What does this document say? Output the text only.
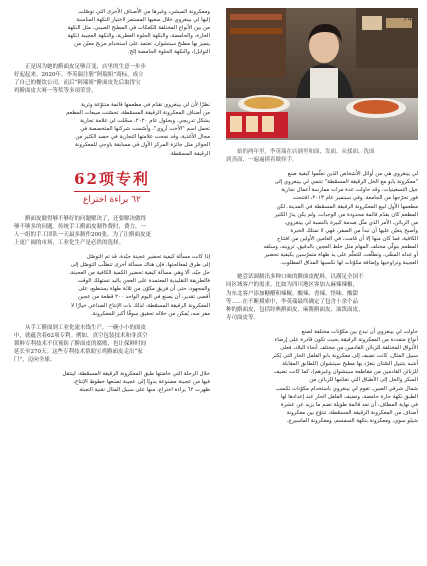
ومعكرونة الميشي، وغيرها من الأصناف الأخرى التي توصّلت
إليها لي بينغروي خلال سعيها المستمر لاختيار النكهة المناسبة
من بين الأنواع المختلفة للكعكات في المطبخ الصيني، مثل النكهة
الحارة، والحامضة، والنكهة الحلوة العطرية، والنكهة العجيبة (نكهة
يتميز بها مطبخ سيتشوان، تعتمد على استخدام مزيج معيّن من
التوابل)، والنكهة الحلوة الحامضة إلخ.

正是因为她的擀面皮足够百变，店里的生意一步步
好起起来。2020年，李英瑞注册“阿瑞姐”商标，成立
了自己的餐饮公司，而后“阿瑞姐”擀面皮先后取得宝
鸡擀面皮大赛一等奖等多项荣誉。

نظرًا لأن لي بينغروي تقدّم في مطعمها قائمة متنوّعة وثرية
من أصناف المعكرونة الرقيقة المسمّطة، تحسّنت مبيعات المطعم
بشكل تدريجي. وبحلول عام ٢٠٢٠، سجّلت لي علامة تجارية
تحمل اسم "الأخت آروي"، وأسّست شركتها المتخصصة في
مجال الأغذية، وقد نجحت علامتها التجارية في حصد الكثير من
الجوائز مثل جائزة المركز الأول في مسابقة باوجي للمعكرونة
الرقيقة المسمّطة.

62项专利
٦٢ براءة اختراع

擀面皮做得够不够好的问题解决了，还要解决做得
够不够多的问题。传统手工擀面皮制作费时，费力，一
人一组的手工团队一天最多制作200张。为了让擀面皮更
上更广阔的市场，工业化生产是必然的选择。

إذا كانت مسألة كيفية تحضير عجينة جيّدة، قد تم التوصّل
إلى طرق لمعالجتها، فإن هناك مسألة أخرى تتطلّب التوصّل إلى
حل جيّد، ألا وهي مسألة كيفية تحضير الكمية الكافية من العجينة،
فالطريقة التقليدية المعتمدة على العجن باليد تستهلك الوقت
والمجهود، حتى أن فريق مكوّن من ثلاثة طهاة يستطيع، على
أقصى تقدير، أن يصنع في اليوم الواحد ٢٠٠ قطعة من عجين
المعكرونة الرقيقة المسمّطة، لذلك بات الإنتاج الصناعي خيارًا لا
مفر منه، يُمكن من خلاله تحقيق سوقًا أكبر للمعكرونة.

从手工擀面到工业化流水线生产，一碗小小的面皮
中，就蕴含着62项专利。例如，真空包装技术和非真空
锁鲜专利技术不仅预防了擀面皮的腐败，也让保鲜时间
延长至270天。这些专利技术帮助宝鸡擀面皮走出“家
门”，迈向全球。

خلال الرحلة التي خاضتها طبق المعكرونة الرقيقة المسمّطة، لينتقل
فيها من عجينة مصنوعة بدويًا إلى عجينة تصنعها خطوط الإنتاج،
ظهرت ٦٢ براءة اختراع، منها على سبيل المثال تقنية التعبئة

74

始的两年里，李英瑞在店铺里和面、发面、从揉面、洗面
到蒸面，一遍遍摸着做择手。

لي بينغروي هي من أوائل الأشخاص الذين تعلّموا كيفية صنع
"معكرونة بابو مع الخل الرقيقة المسمّطة" تنتمي لي بينغروي إلى
جيل التسعينيات، وقد حاولت عدة مرات ممارسة أعمال تجارية
فور تخرّجها من الجامعة. وفي سبتمبر عام ٢٠١٣، افتتحت
مطعمها الأول لبيع المعكرونة الرقيقة المسمّطة في المدينة. لكن
المطعم كان يقدّم قائمة محدودة من الوجبات، ولم يكن يدرّ الكثير
من الزبائن، الأمر الذي مثّل صدمة كبيرة بالنسبة لي بينغروي،
وأصبح يتعيّن عليها أن تبدأ من الصفر، فهي لا تمتلك الخبرة
الكافية، فما كان منها إلا أن قامت، في العامين الأولين من افتتاح
المطعم بتولّي مختلف المهام مثل خلط العجين بالدقيق، ترويته، وسلقه
أو عدله المنقّى، وتطلّعت للتعلّم على يد طهاة متمرّسين بكيفية تحضير
العجينة وتراوحيها وإضافة مكوّنات لها تكسبها المذاق المطلوب.

她尝试调制出多种口味的擀面皮配料，以满足全国不
同区域客户的需求。比如为四川地区客加入麻辣辣椒，
为东北客户添加糖醋和辣椒，酸辣、香辣、怪味、酸甜
等……在不断摸索中，李英瑞最终确定了包含十余个品
种的擀面皮，包括经典擀面皮、麻酱擀面皮、油泼面皮、
寿司面皮等。

حاولت لي بينغروي أن تبدع بين مكوّنات مختلفة لصنع
أنواع متعددة من المعكرونة الرقيقة بحيث تكون قادرة على إرضاء
الأذواق المختلفة للزبائن القادمين من مختلف أنحاء البلاد، فعلى
سبيل المثال، كانت تضيف إلى معكرونة بابو الفلفل الحار التي يُكثر
أشبه بتتبيل السّتان يتغرّد بها مطبخ سيتشوان (للطابق المقابلة
للزبائن القادمين من مقاطعة سيتشوان وغيرهم)، كما كانت تضيف
السكر والخل إلى الأطباق التي تقدّمها للزبائن من
شمال شرقي الصين، تقوم لي بينغروي باستخدام مكوّنات تكسب
الطبق نكهة حارة حامضة، وتضيف الفلفل الحار عند إعدادها لها
في نهاية المطاف، أن تعد قائمة طويلة تضم ما يزيد عن عشرة
أصناف من المعكرونة الرقيقة المسمّطة، تتنوّع بين معكرونة
شيلو سوي، ومعكرونة بنكهة السمسم، ومعكرونة الماسيرع،
